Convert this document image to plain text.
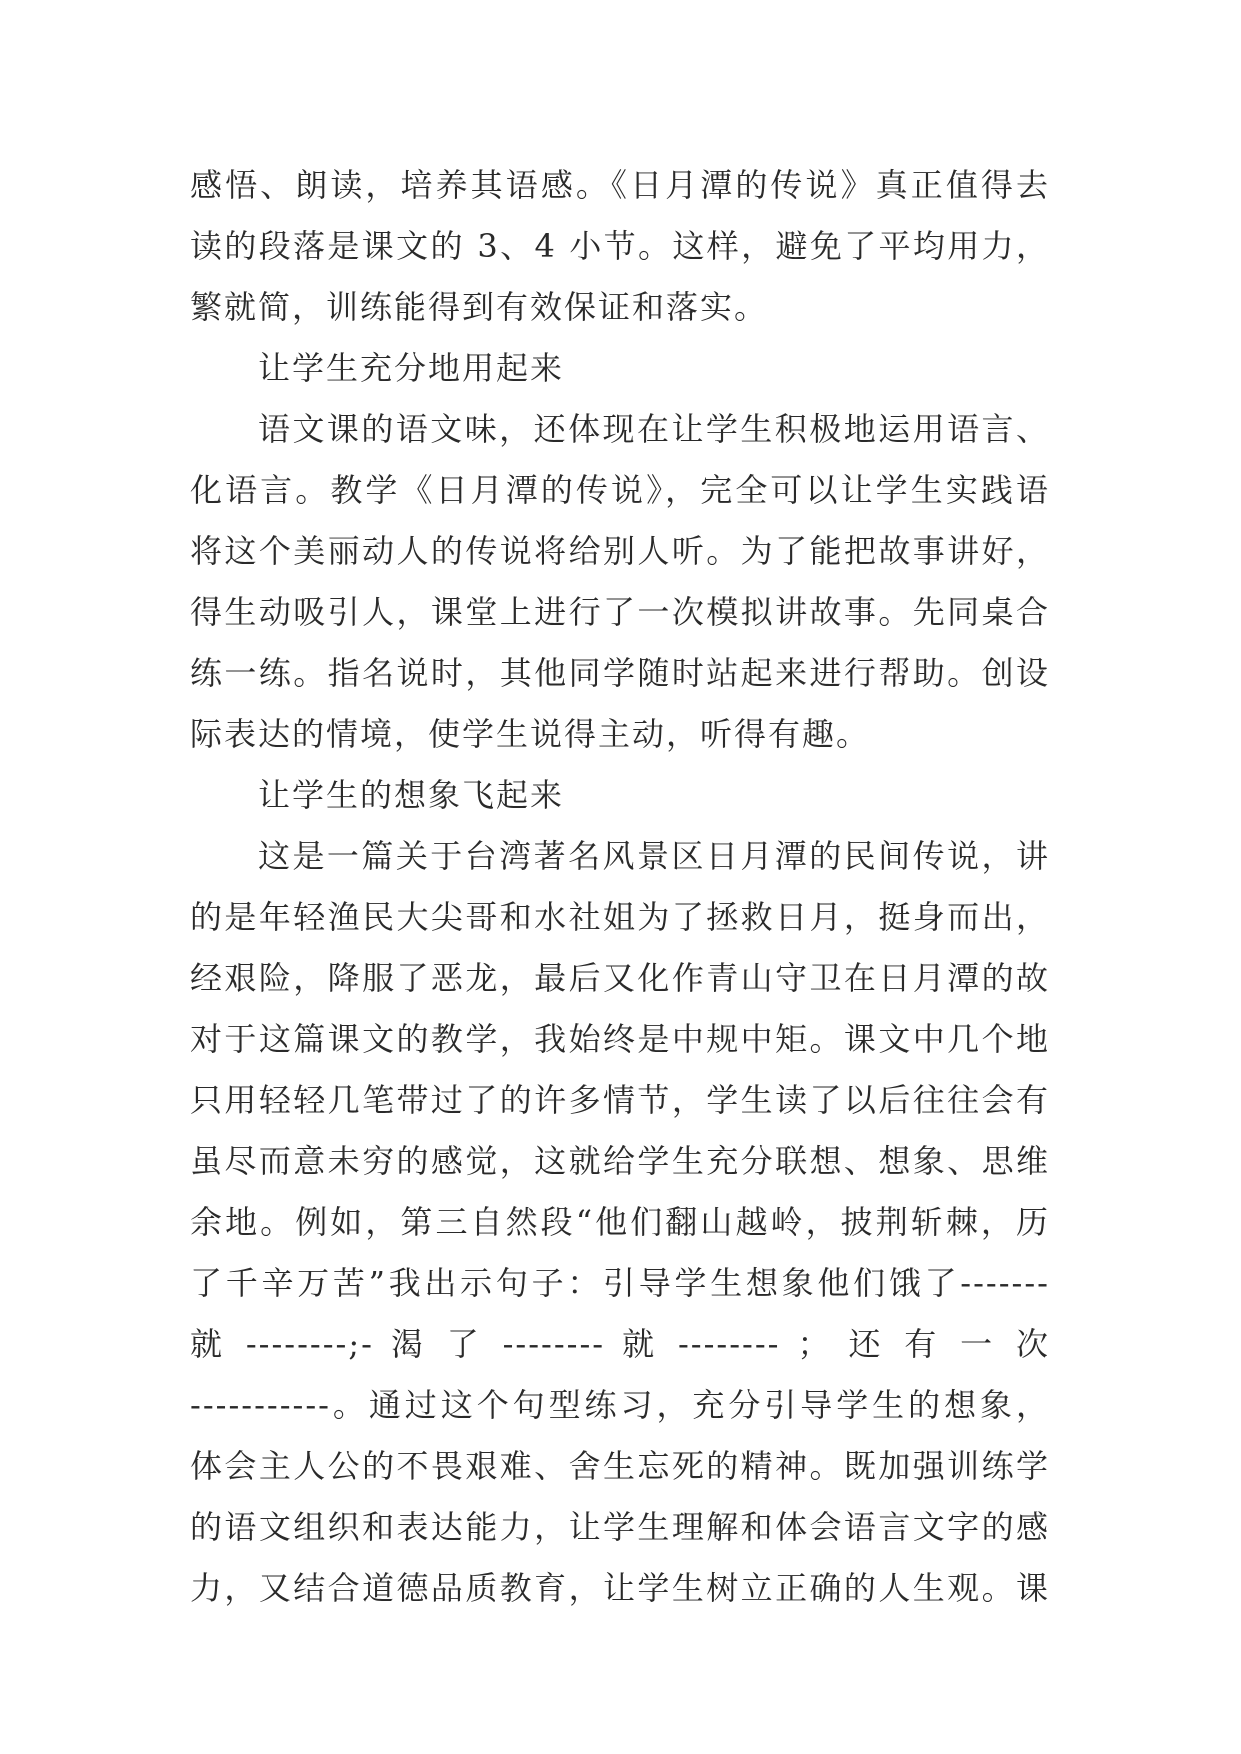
感悟、朗读，培养其语感。《日月潭的传说》真正值得去
读的段落是课文的 3、4 小节。这样，避免了平均用力，
繁就简，训练能得到有效保证和落实。
让学生充分地用起来
语文课的语文味，还体现在让学生积极地运用语言、
化语言。教学《日月潭的传说》，完全可以让学生实践语
将这个美丽动人的传说将给别人听。为了能把故事讲好，
得生动吸引人，课堂上进行了一次模拟讲故事。先同桌合
练一练。指名说时，其他同学随时站起来进行帮助。创设
际表达的情境，使学生说得主动，听得有趣。
让学生的想象飞起来
这是一篇关于台湾著名风景区日月潭的民间传说，讲
的是年轻渔民大尖哥和水社姐为了拯救日月，挺身而出，
经艰险，降服了恶龙，最后又化作青山守卫在日月潭的故
对于这篇课文的教学，我始终是中规中矩。课文中几个地
只用轻轻几笔带过了的许多情节，学生读了以后往往会有
虽尽而意未穷的感觉，这就给学生充分联想、想象、思维
余地。例如，第三自然段“他们翻山越岭，披荆斩棘，历
了千辛万苦”我出示句子：引导学生想象他们饿了-------
就 --------;- 渴 了 -------- 就 -------- ； 还 有 一 次
-----------。通过这个句型练习，充分引导学生的想象，
体会主人公的不畏艰难、舍生忘死的精神。既加强训练学
的语文组织和表达能力，让学生理解和体会语言文字的感
力，又结合道德品质教育，让学生树立正确的人生观。课
